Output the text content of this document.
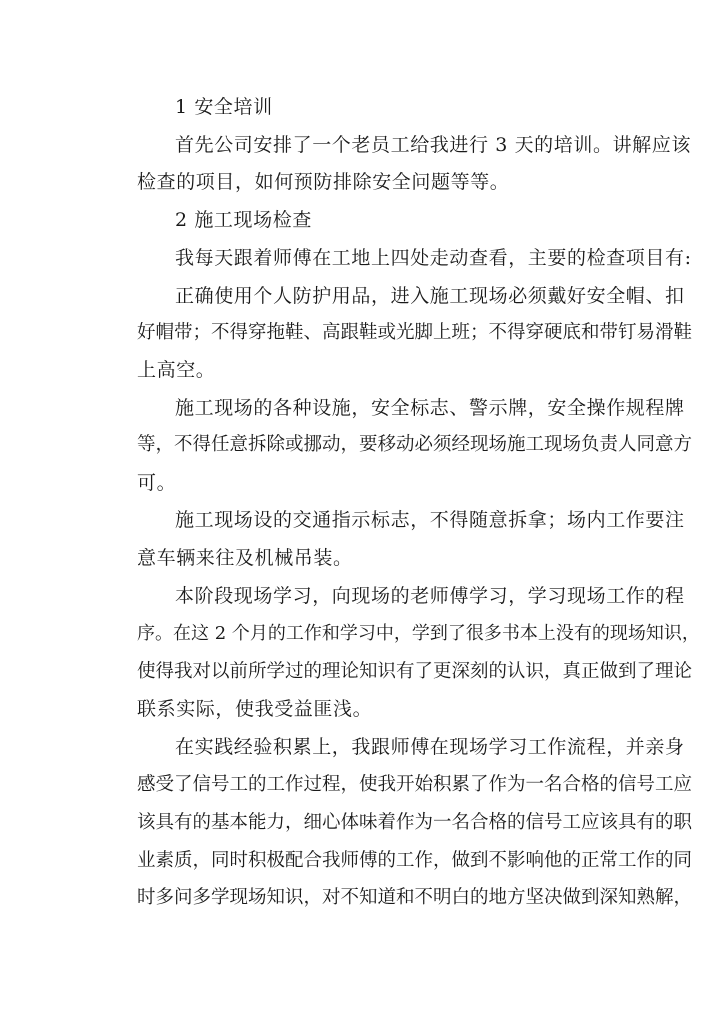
1 安全培训
首先公司安排了一个老员工给我进行 3 天的培训。讲解应该
检查的项目，如何预防排除安全问题等等。
2 施工现场检查
我每天跟着师傅在工地上四处走动查看，主要的检查项目有:
正确使用个人防护用品，进入施工现场必须戴好安全帽、扣
好帽带；不得穿拖鞋、高跟鞋或光脚上班；不得穿硬底和带钉易滑鞋
上高空。
施工现场的各种设施，安全标志、警示牌，安全操作规程牌
等，不得任意拆除或挪动，要移动必须经现场施工现场负责人同意方
可。
施工现场设的交通指示标志，不得随意拆拿；场内工作要注
意车辆来往及机械吊装。
本阶段现场学习，向现场的老师傅学习，学习现场工作的程
序。在这 2 个月的工作和学习中，学到了很多书本上没有的现场知识，
使得我对以前所学过的理论知识有了更深刻的认识，真正做到了理论
联系实际，使我受益匪浅。
在实践经验积累上，我跟师傅在现场学习工作流程，并亲身
感受了信号工的工作过程，使我开始积累了作为一名合格的信号工应
该具有的基本能力，细心体味着作为一名合格的信号工应该具有的职
业素质，同时积极配合我师傅的工作，做到不影响他的正常工作的同
时多问多学现场知识，对不知道和不明白的地方坚决做到深知熟解，
